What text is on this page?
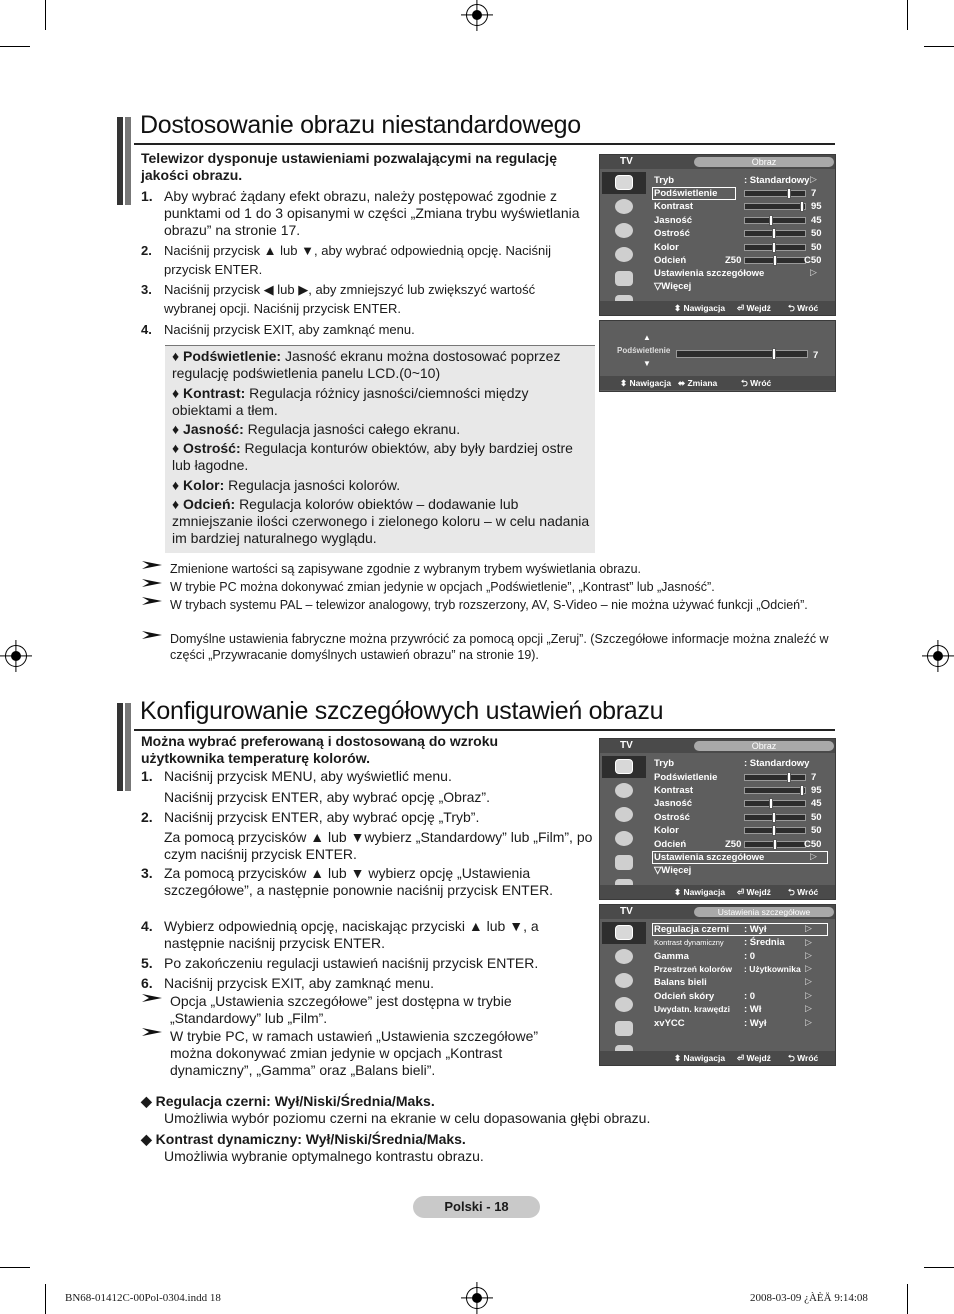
Dostosowanie obrazu niestandardowego
Telewizor dysponuje ustawieniami pozwalającymi na regulację jakości obrazu.
1. Aby wybrać żądany efekt obrazu, należy postępować zgodnie z punktami od 1 do 3 opisanymi w części „Zmiana trybu wyświetlania obrazu” na stronie 17.
2. Naciśnij przycisk ▲ lub ▼, aby wybrać odpowiednią opcję. Naciśnij przycisk ENTER.
3. Naciśnij przycisk ◀ lub ▶, aby zmniejszyć lub zwiększyć wartość wybranej opcji. Naciśnij przycisk ENTER.
4. Naciśnij przycisk EXIT, aby zamknąć menu.
♦ Podświetlenie: Jasność ekranu można dostosować poprzez regulację podświetlenia panelu LCD.(0~10)
♦ Kontrast: Regulacja różnicy jasności/ciemności między obiektami a tłem.
♦ Jasność: Regulacja jasności całego ekranu.
♦ Ostrość: Regulacja konturów obiektów, aby były bardziej ostre lub łagodne.
♦ Kolor: Regulacja jasności kolorów.
♦ Odcień: Regulacja kolorów obiektów – dodawanie lub zmniejszanie ilości czerwonego i zielonego koloru – w celu nadania im bardziej naturalnego wyglądu.
Zmienione wartości są zapisywane zgodnie z wybranym trybem wyświetlania obrazu.
W trybie PC można dokonywać zmian jedynie w opcjach „Podświetlenie”, „Kontrast” lub „Jasność”.
W trybach systemu PAL – telewizor analogowy, tryb rozszerzony, AV, S-Video – nie można używać funkcji „Odcień”.
Domyślne ustawienia fabryczne można przywrócić za pomocą opcji „Zeruj”. (Szczegółowe informacje można znaleźć w części „Przywracanie domyślnych ustawień obrazu” na stronie 19).
TV	Obraz
Tryb	: Standardowy ▷
Podświetlenie	7
Kontrast	95
Jasność	45
Ostrość	50
Kolor	50
Odcień	Z50	C50
Ustawienia szczegółowe	▷
▽Więcej
⬍ Nawigacja ⏎ Wejdź ⮌ Wróć
▲
Podświetlenie	7
▼
⬍ Nawigacja ⬌ Zmiana	⮌ Wróć
Konfigurowanie szczegółowych ustawień obrazu
Można wybrać preferowaną i dostosowaną do wzroku użytkownika temperaturę kolorów.
1. Naciśnij przycisk MENU, aby wyświetlić menu.
Naciśnij przycisk ENTER, aby wybrać opcję „Obraz”.
2. Naciśnij przycisk ENTER, aby wybrać opcję „Tryb”.
Za pomocą przycisków ▲ lub ▼wybierz „Standardowy” lub „Film”, po czym naciśnij przycisk ENTER.
3. Za pomocą przycisków ▲ lub ▼ wybierz opcję „Ustawienia szczegółowe”, a następnie ponownie naciśnij przycisk ENTER.
4. Wybierz odpowiednią opcję, naciskając przyciski ▲ lub ▼, a następnie naciśnij przycisk ENTER.
5. Po zakończeniu regulacji ustawień naciśnij przycisk ENTER.
6. Naciśnij przycisk EXIT, aby zamknąć menu.
Opcja „Ustawienia szczegółowe” jest dostępna w trybie „Standardowy” lub „Film”.
W trybie PC, w ramach ustawień „Ustawienia szczegółowe” można dokonywać zmian jedynie w opcjach „Kontrast dynamiczny”, „Gamma” oraz „Balans bieli”.
◆ Regulacja czerni: Wył/Niski/Średnia/Maks.
Umożliwia wybór poziomu czerni na ekranie w celu dopasowania głębi obrazu.
◆ Kontrast dynamiczny: Wył/Niski/Średnia/Maks.
Umożliwia wybranie optymalnego kontrastu obrazu.
TV	Obraz
Tryb	: Standardowy
Podświetlenie	7
Kontrast	95
Jasność	45
Ostrość	50
Kolor	50
Odcień	Z50	C50
Ustawienia szczegółowe	▷
▽Więcej
⬍ Nawigacja ⏎ Wejdź ⮌ Wróć
TV	Ustawienia szczegółowe
Regulacja czerni : Wył	▷
Kontrast dynamiczny : Średnia ▷
Gamma	: 0	▷
Przestrzeń kolorów : Użytkownika ▷
Balans bieli	▷
Odcień skóry	: 0	▷
Uwydatn. krawędzi : Wł	▷
xvYCC	: Wył	▷
⬍ Nawigacja ⏎ Wejdź ⮌ Wróć
Polski - 18
BN68-01412C-00Pol-0304.indd 18	2008-03-09 ¿ÀÈÄ 9:14:08
